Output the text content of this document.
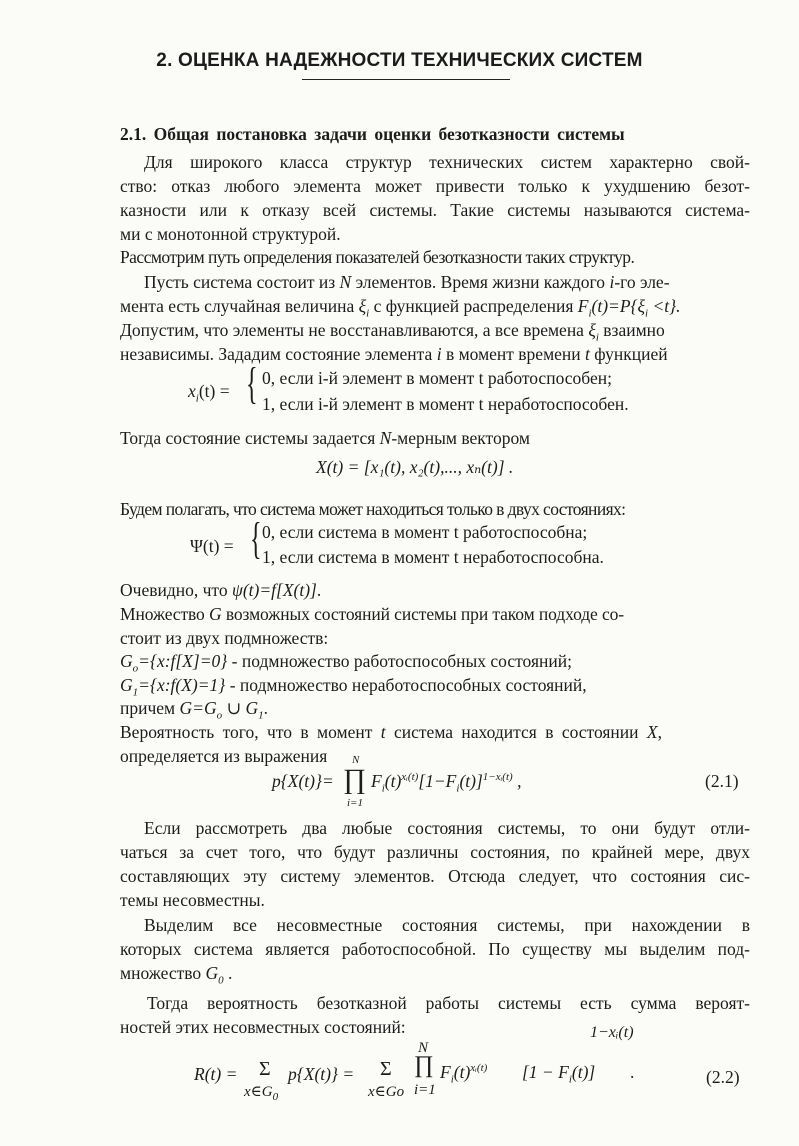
2. ОЦЕНКА НАДЕЖНОСТИ ТЕХНИЧЕСКИХ СИСТЕМ
2.1. Общая постановка задачи оценки безотказности системы
Для широкого класса структур технических систем характерно свой-
ство: отказ любого элемента может привести только к ухудшению безот-
казности или к отказу всей системы. Такие системы называются система-
ми с монотонной структурой.
Рассмотрим путь определения показателей безотказности таких структур.
Пусть система состоит из N элементов. Время жизни каждого i-го эле-
мента есть случайная величина $\xi_i$ с функцией распределения $F_i(t)=P\{\xi_i <t\}$.
Допустим, что элементы не восстанавливаются, а все времена $\xi_i$ взаимно
независимы. Зададим состояние элемента i в момент времени t функцией
$x_i(t)$ = { 0, если i-й элемент в момент t работоспособен;
1, если i-й элемент в момент t неработоспособен.
Тогда состояние системы задается N-мерным вектором
X(t) = [x₁(t), x₂(t),..., xₙ(t)] .
Будем полагать, что система может находиться только в двух состояниях:
Ψ(t) = { 0, если система в момент t работоспособна;
1, если система в момент t неработоспособна.
Очевидно, что ψ(t)=f[X(t)].
Множество G возможных состояний системы при таком подходе со-
стоит из двух подмножеств:
$G_o=\{x:f[X]=0\}$ - подмножество работоспособных состояний;
$G_1=\{x:f(X)=1\}$ - подмножество неработоспособных состояний,
причем $G=G_o$ ∪ $G_1$.
Вероятность того, что в момент t система находится в состоянии X,
определяется из выражения
p{X(t)}=
N
∏
i=1
$F_i(t)^{xᵢ(t)}[1-F_i(t)]^{1-xᵢ(t)}$ ,	(2.1)
Если рассмотреть два любые состояния системы, то они будут отли-
чаться за счет того, что будут различны состояния, по крайней мере, двух
составляющих эту систему элементов. Отсюда следует, что состояния сис-
темы несовместны.
Выделим все несовместные состояния системы, при нахождении в
которых система является работоспособной. По существу мы выделим под-
множество $G_0$ .
Тогда вероятность безотказной работы системы есть сумма вероят-
ностей этих несовместных состояний:
R(t) = Σ
$x\in G_0$
p{X(t)} = Σ
x∈Go
N
∏
i=1
$F_i(t)^{xᵢ(t)}$ $[1 - F_i(t)]$
1−xᵢ(t)
.	(2.2)
